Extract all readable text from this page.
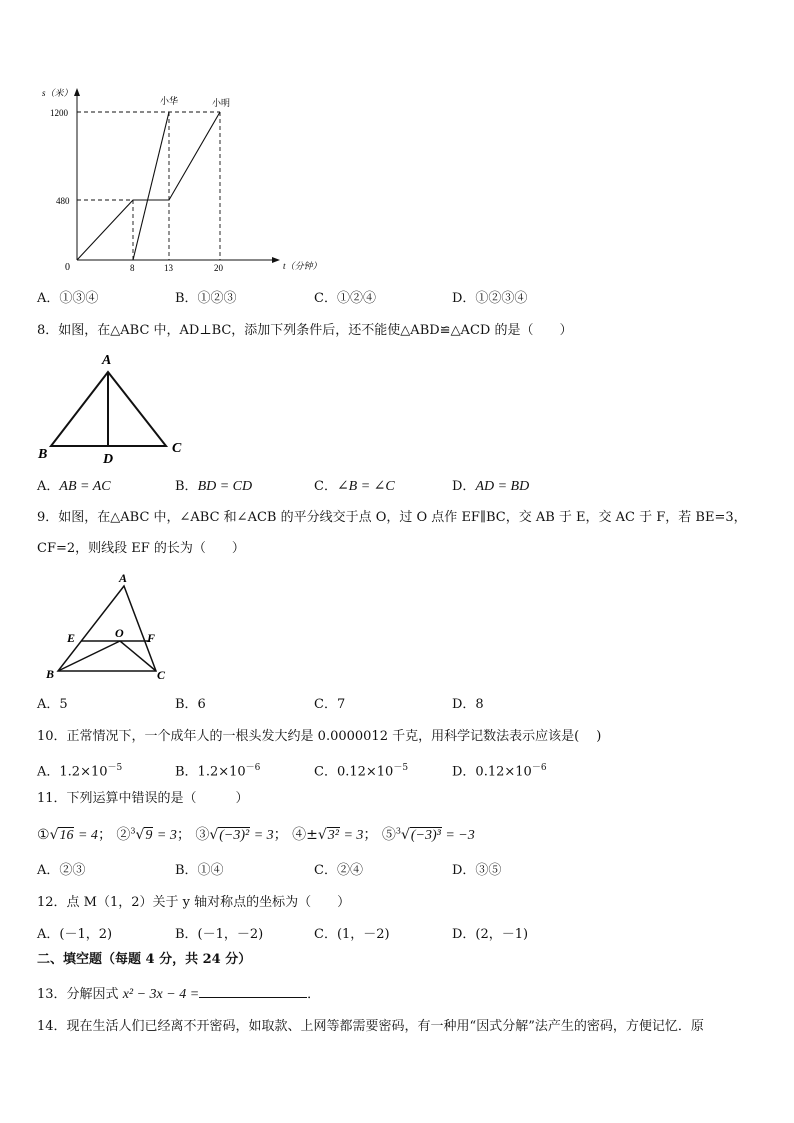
s（米）
1200
480
0	8	13	20	t（分钟）
小华	小明
A．①③④	B．①②③	C．①②④	D．①②③④
8．如图，在△ABC 中，AD⊥BC，添加下列条件后，还不能使△ABD≌△ACD 的是（　　）
A
B	D
C
A．AB = AC	B．BD = CD	C．∠B = ∠C	D．AD = BD
9．如图，在△ABC 中，∠ABC 和∠ACB 的平分线交于点 O，过 O 点作 EF∥BC，交 AB 于 E，交 AC 于 F，若 BE=3，
CF=2，则线段 EF 的长为（　　）
A
E	O F
B	C
A．5	B．6	C．7	D．8
10．正常情况下，一个成年人的一根头发大约是 0.0000012 千克，用科学记数法表示应该是(　 )
A．$1.2\times 10^{-5}$	B．$1.2\times 10^{-6}$	C．$0.12\times 10^{-5}$	D．$0.12\times 10^{-6}$
11．下列运算中错误的是（　　　）
①√16 = 4； ②$^3$√9 = 3； ③√(−3)² = 3； ④±√3² = 3； ⑤$^3$√(−3)³ = −3
A．②③	B．①④	C．②④	D．③⑤
12．点 M（1，2）关于 y 轴对称点的坐标为（　　）
A．(－1，2)	B．(－1，－2)	C．(1，－2)	D．(2，－1)
二、填空题（每题 4 分，共 24 分）
13．分解因式 x² − 3x − 4 =	．
14．现在生活人们已经离不开密码，如取款、上网等都需要密码，有一种用“因式分解”法产生的密码，方便记忆．原
